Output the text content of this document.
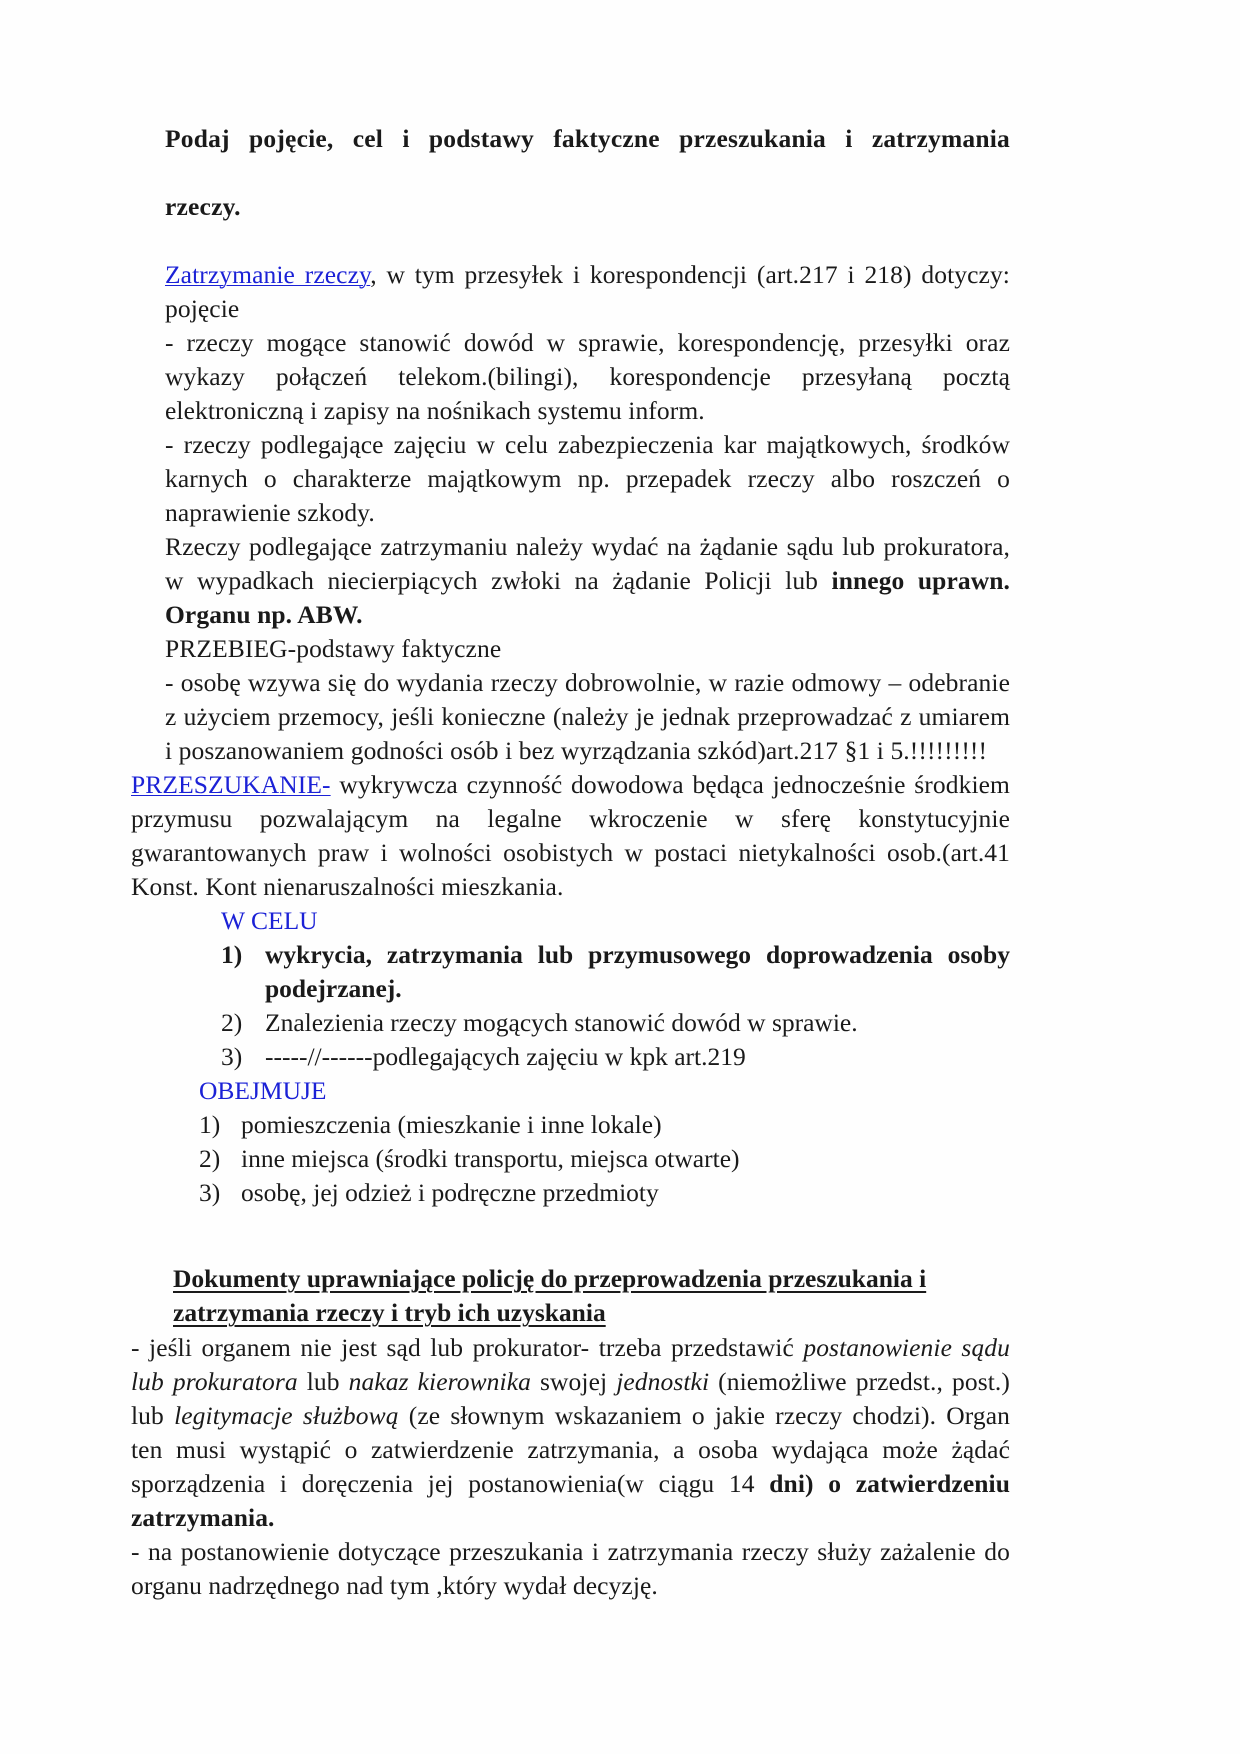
Podaj pojęcie, cel i podstawy faktyczne przeszukania i zatrzymania

rzeczy.

Zatrzymanie rzeczy, w tym przesyłek i korespondencji (art.217 i 218) dotyczy: pojęcie

- rzeczy mogące stanowić dowód w sprawie, korespondencję, przesyłki oraz wykazy połączeń telekom.(bilingi), korespondencje przesyłaną pocztą elektroniczną i zapisy na nośnikach systemu inform.

- rzeczy podlegające zajęciu w celu zabezpieczenia kar majątkowych, środków karnych o charakterze majątkowym np. przepadek rzeczy albo roszczeń o naprawienie szkody.

Rzeczy podlegające zatrzymaniu należy wydać na żądanie sądu lub prokuratora, w wypadkach niecierpiących zwłoki na żądanie Policji lub innego uprawn. Organu np. ABW.

PRZEBIEG-podstawy faktyczne

- osobę wzywa się do wydania rzeczy dobrowolnie, w razie odmowy – odebranie z użyciem przemocy, jeśli konieczne (należy je jednak przeprowadzać z umiarem i poszanowaniem godności osób i bez wyrządzania szkód)art.217 §1 i 5.!!!!!!!!!

PRZESZUKANIE- wykrywcza czynność dowodowa będąca jednocześnie środkiem przymusu pozwalającym na legalne wkroczenie w sferę konstytucyjnie gwarantowanych praw i wolności osobistych w postaci nietykalności osob.(art.41 Konst. Kont nienaruszalności mieszkania.

W CELU

1) wykrycia, zatrzymania lub przymusowego doprowadzenia osoby podejrzanej.
2) Znalezienia rzeczy mogących stanowić dowód w sprawie.
3) -----//------podlegających zajęciu w kpk art.219

OBEJMUJE

1) pomieszczenia (mieszkanie i inne lokale)
2) inne miejsca (środki transportu, miejsca otwarte)
3) osobę, jej odzież i podręczne przedmioty

Dokumenty uprawniające policję do przeprowadzenia przeszukania i

zatrzymania rzeczy i tryb ich uzyskania

- jeśli organem nie jest sąd lub prokurator- trzeba przedstawić postanowienie sądu lub prokuratora lub nakaz kierownika swojej jednostki (niemożliwe przedst., post.) lub legitymacje służbową (ze słownym wskazaniem o jakie rzeczy chodzi). Organ ten musi wystąpić o zatwierdzenie zatrzymania, a osoba wydająca może żądać sporządzenia i doręczenia jej postanowienia(w ciągu 14 dni) o zatwierdzeniu zatrzymania.

- na postanowienie dotyczące przeszukania i zatrzymania rzeczy służy zażalenie do organu nadrzędnego nad tym ,który wydał decyzję.
